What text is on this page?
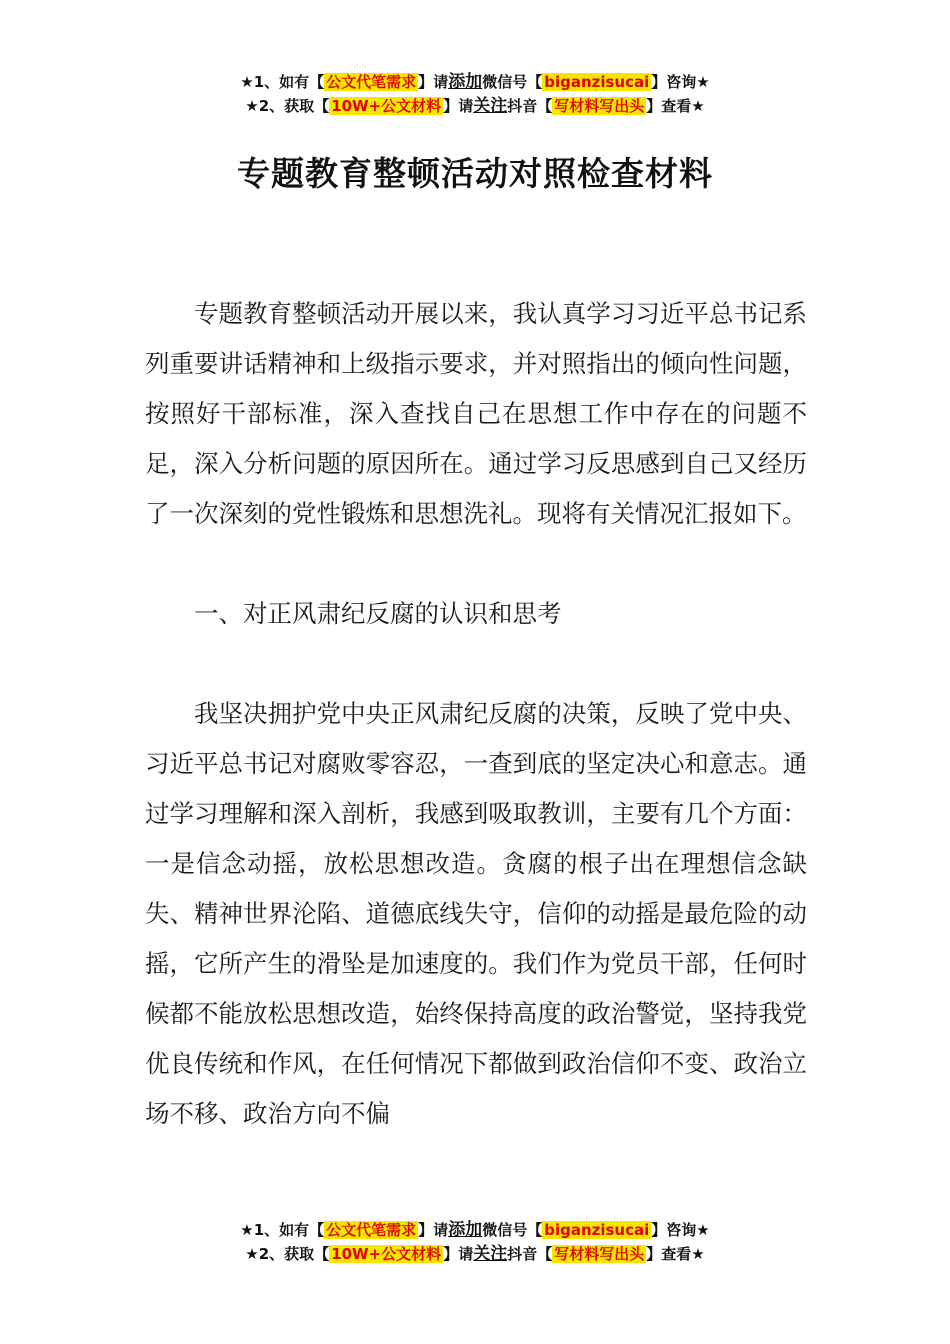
★1、如有【 公文代笔需求 】请添加微信号【 biganzisucai 】咨询★
★2、获取【 10W+公文材料 】请关注抖音【 写材料写出头 】查看★
专题教育整顿活动对照检查材料

专题教育整顿活动开展以来，我认真学习习近平总书记系列重要讲话精神和上级指示要求，并对照指出的倾向性问题，按照好干部标准，深入查找自己在思想工作中存在的问题不足，深入分析问题的原因所在。通过学习反思感到自己又经历了一次深刻的党性锻炼和思想洗礼。现将有关情况汇报如下。

一、对正风肃纪反腐的认识和思考

我坚决拥护党中央正风肃纪反腐的决策，反映了党中央、习近平总书记对腐败零容忍，一查到底的坚定决心和意志。通过学习理解和深入剖析，我感到吸取教训，主要有几个方面：一是信念动摇，放松思想改造。贪腐的根子出在理想信念缺失、精神世界沦陷、道德底线失守，信仰的动摇是最危险的动摇，它所产生的滑坠是加速度的。我们作为党员干部，任何时候都不能放松思想改造，始终保持高度的政治警觉，坚持我党优良传统和作风，在任何情况下都做到政治信仰不变、政治立场不移、政治方向不偏

★1、如有【 公文代笔需求 】请添加微信号【 biganzisucai 】咨询★
★2、获取【 10W+公文材料 】请关注抖音【 写材料写出头 】查看★
